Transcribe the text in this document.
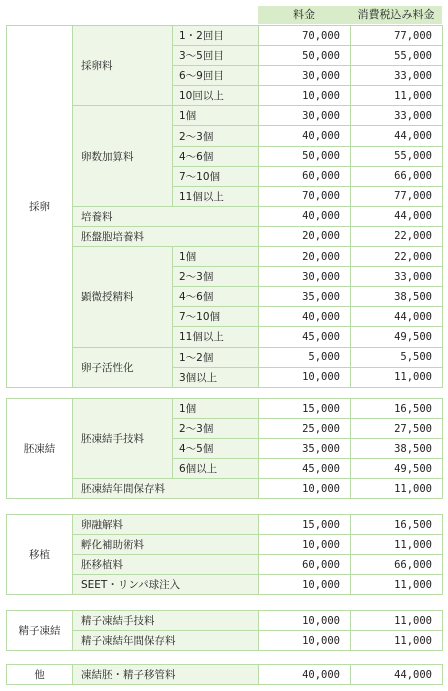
料金	消費税込み料金
採卵	採卵料	1・2回目	70,000	77,000
		3～5回目	50,000	55,000
		6～9回目	30,000	33,000
		10回以上	10,000	11,000
	卵数加算料	1個	30,000	33,000
		2～3個	40,000	44,000
		4～6個	50,000	55,000
		7～10個	60,000	66,000
		11個以上	70,000	77,000
	培養料		40,000	44,000
	胚盤胞培養料		20,000	22,000
	顕微授精料	1個	20,000	22,000
		2～3個	30,000	33,000
		4～6個	35,000	38,500
		7～10個	40,000	44,000
		11個以上	45,000	49,500
	卵子活性化	1～2個	5,000	5,500
		3個以上	10,000	11,000
胚凍結	胚凍結手技料	1個	15,000	16,500
		2～3個	25,000	27,500
		4～5個	35,000	38,500
		6個以上	45,000	49,500
	胚凍結年間保存料		10,000	11,000
移植	卵融解料	15,000	16,500
	孵化補助術料	10,000	11,000
	胚移植料	60,000	66,000
	SEET・リンパ球注入	10,000	11,000
精子凍結	精子凍結手技料	10,000	11,000
	精子凍結年間保存料	10,000	11,000
他	凍結胚・精子移管料	40,000	44,000
